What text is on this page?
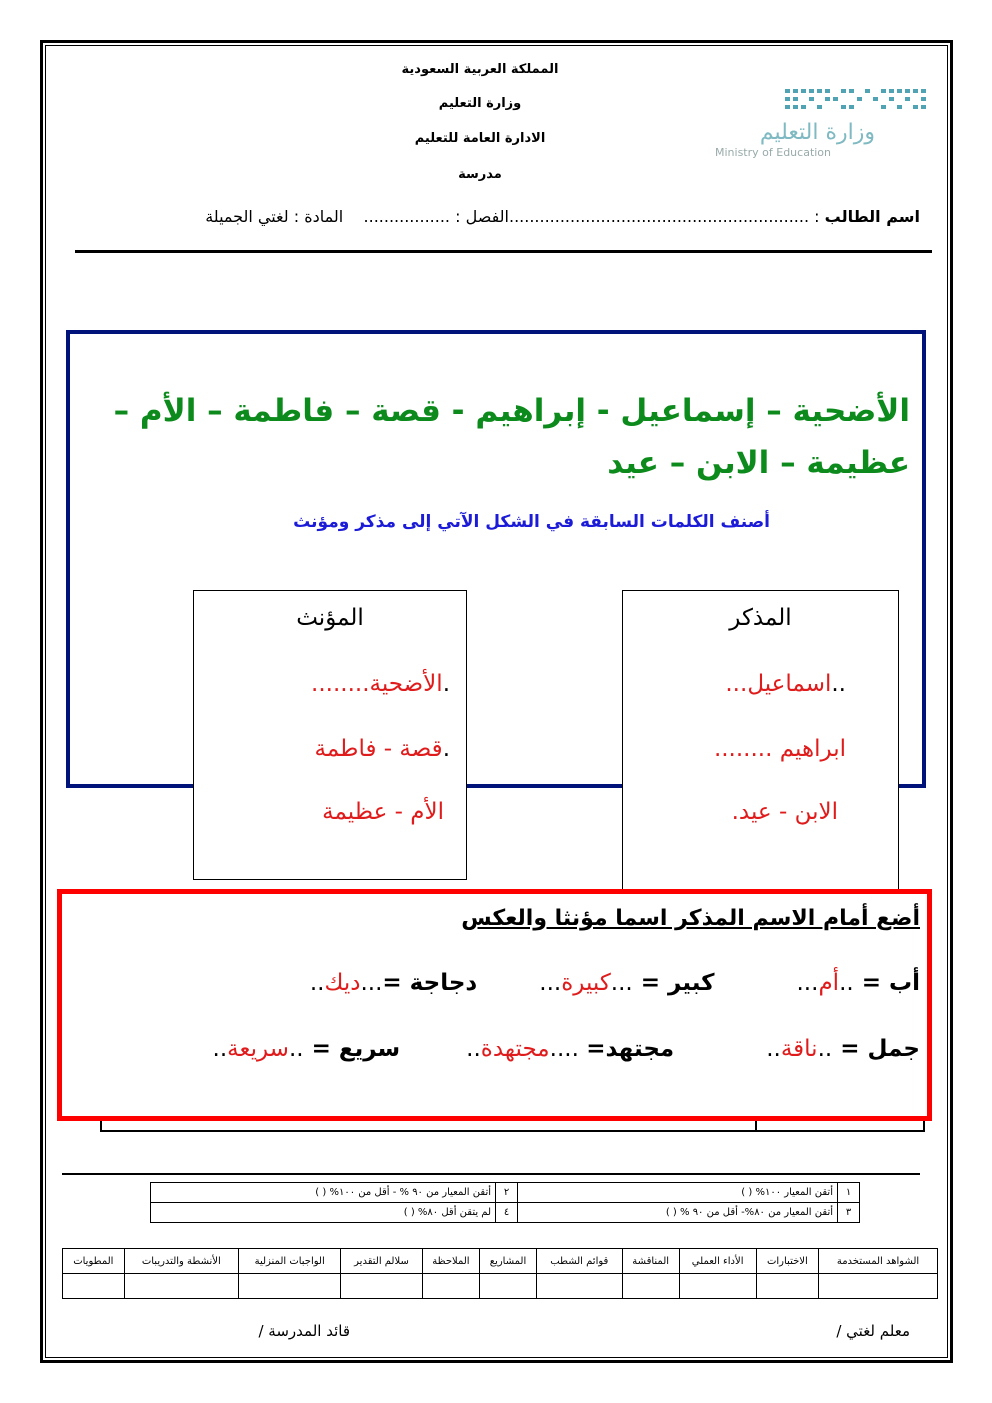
المملكة العربية السعودية
وزارة التعليم
الادارة العامة للتعليم
مدرسة
وزارة التعليم
Ministry of Education
اسم الطالب : ...........................................................الفصل : .................    المادة : لغتي الجميلة
الأضحية – إسماعيل - إبراهيم - قصة – فاطمة – الأم –
عظيمة – الابن – عيد
أصنف الكلمات السابقة في الشكل الآتي إلى مذكر ومؤنث
المذكر
..اسماعيل...
ابراهيم ........
الابن - عيد.
المؤنث
.الأضحية........
.قصة - فاطمة
الأم - عظيمة
أضع أمام الاسم المذكر اسما مؤنثا والعكس
أب = ..أم...  كبير = ...كبيرة...  دجاجة =...ديك..
جمل = ..ناقة..  مجتهد= ....مجتهدة..  سريع = ..سريعة..
١	أتقن المعيار ١٠٠% ( )	٢	أتقن المعيار من ٩٠ % - أقل من ١٠٠% ( )
٣	أتقن المعيار من ٨٠%- أقل من ٩٠ % ( )	٤	لم يتقن أقل ٨٠% ( )
الشواهد المستخدمة	الاختبارات	الأداء العملي	المناقشة	قوائم الشطب	المشاريع	الملاحظة	سلالم التقدير	الواجبات المنزلية	الأنشطة والتدريبات	المطويات

معلم لغتي /
قائد المدرسة /
